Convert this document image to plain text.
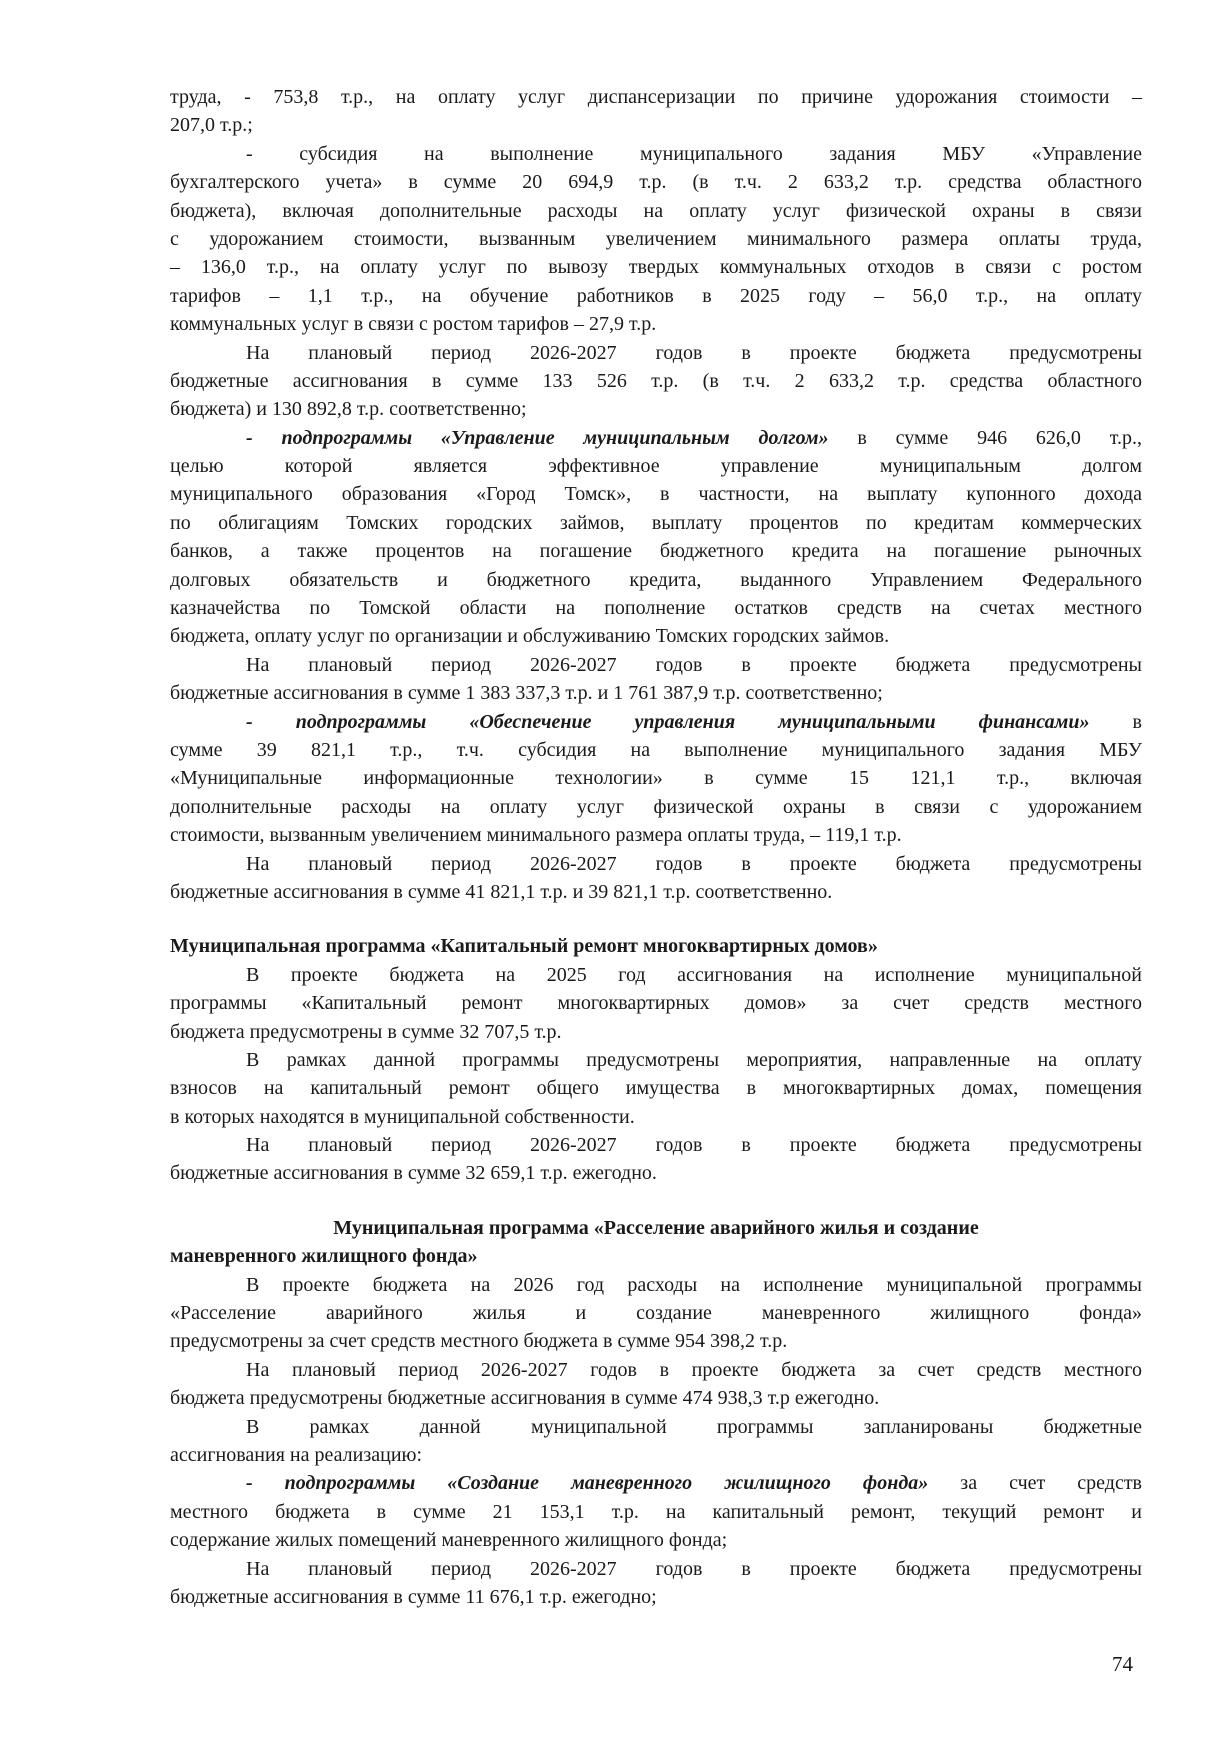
труда, - 753,8 т.р., на оплату услуг диспансеризации по причине удорожания стоимости –
207,0 т.р.;
- субсидия на выполнение муниципального задания МБУ «Управление
бухгалтерского учета» в сумме 20 694,9 т.р. (в т.ч. 2 633,2 т.р. средства областного
бюджета), включая дополнительные расходы на оплату услуг физической охраны в связи
с удорожанием стоимости, вызванным увеличением минимального размера оплаты труда,
– 136,0 т.р., на оплату услуг по вывозу твердых коммунальных отходов в связи с ростом
тарифов – 1,1 т.р., на обучение работников в 2025 году – 56,0 т.р., на оплату
коммунальных услуг в связи с ростом тарифов – 27,9 т.р.
На плановый период 2026-2027 годов в проекте бюджета предусмотрены
бюджетные ассигнования в сумме 133 526 т.р. (в т.ч. 2 633,2 т.р. средства областного
бюджета) и 130 892,8 т.р. соответственно;
- подпрограммы «Управление муниципальным долгом» в сумме 946 626,0 т.р.,
целью которой является эффективное управление муниципальным долгом
муниципального образования «Город Томск», в частности, на выплату купонного дохода
по облигациям Томских городских займов, выплату процентов по кредитам коммерческих
банков, а также процентов на погашение бюджетного кредита на погашение рыночных
долговых обязательств и бюджетного кредита, выданного Управлением Федерального
казначейства по Томской области на пополнение остатков средств на счетах местного
бюджета, оплату услуг по организации и обслуживанию Томских городских займов.
На плановый период 2026-2027 годов в проекте бюджета предусмотрены
бюджетные ассигнования в сумме 1 383 337,3 т.р. и 1 761 387,9 т.р. соответственно;
- подпрограммы «Обеспечение управления муниципальными финансами» в
сумме 39 821,1 т.р., т.ч. субсидия на выполнение муниципального задания МБУ
«Муниципальные информационные технологии» в сумме 15 121,1 т.р., включая
дополнительные расходы на оплату услуг физической охраны в связи с удорожанием
стоимости, вызванным увеличением минимального размера оплаты труда, – 119,1 т.р.
На плановый период 2026-2027 годов в проекте бюджета предусмотрены
бюджетные ассигнования в сумме 41 821,1 т.р. и 39 821,1 т.р. соответственно.
Муниципальная программа «Капитальный ремонт многоквартирных домов»
В проекте бюджета на 2025 год ассигнования на исполнение муниципальной
программы «Капитальный ремонт многоквартирных домов» за счет средств местного
бюджета предусмотрены в сумме 32 707,5 т.р.
В рамках данной программы предусмотрены мероприятия, направленные на оплату
взносов на капитальный ремонт общего имущества в многоквартирных домах, помещения
в которых находятся в муниципальной собственности.
На плановый период 2026-2027 годов в проекте бюджета предусмотрены
бюджетные ассигнования в сумме 32 659,1 т.р. ежегодно.
Муниципальная программа «Расселение аварийного жилья и создание
маневренного жилищного фонда»
В проекте бюджета на 2026 год расходы на исполнение муниципальной программы
«Расселение аварийного жилья и создание маневренного жилищного фонда»
предусмотрены за счет средств местного бюджета в сумме 954 398,2 т.р.
На плановый период 2026-2027 годов в проекте бюджета за счет средств местного
бюджета предусмотрены бюджетные ассигнования в сумме 474 938,3 т.р ежегодно.
В рамках данной муниципальной программы запланированы бюджетные
ассигнования на реализацию:
- подпрограммы «Создание маневренного жилищного фонда» за счет средств
местного бюджета в сумме 21 153,1 т.р. на капитальный ремонт, текущий ремонт и
содержание жилых помещений маневренного жилищного фонда;
На плановый период 2026-2027 годов в проекте бюджета предусмотрены
бюджетные ассигнования в сумме 11 676,1 т.р. ежегодно;
74
